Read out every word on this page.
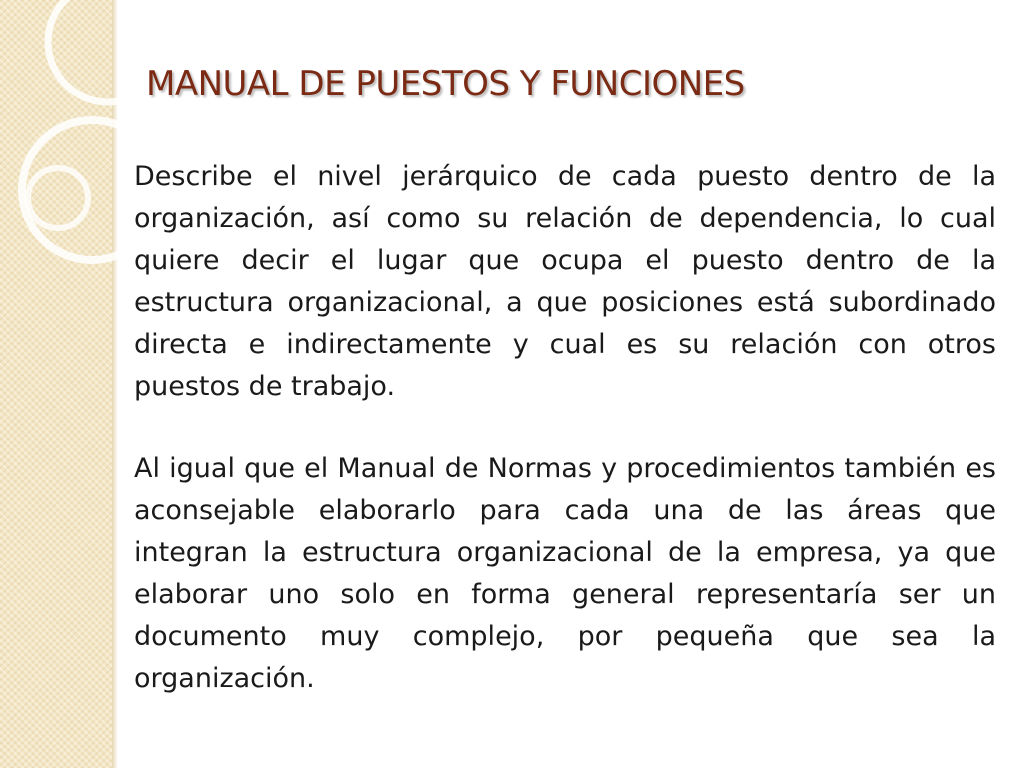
MANUAL DE PUESTOS Y FUNCIONES

Describe el nivel jerárquico de cada puesto dentro de la organización, así como su relación de dependencia, lo cual quiere decir el lugar que ocupa el puesto dentro de la estructura organizacional, a que posiciones está subordinado directa e indirectamente y cual es su relación con otros puestos de trabajo.

Al igual que el Manual de Normas y procedimientos también es aconsejable elaborarlo para cada una de las áreas que integran la estructura organizacional de la empresa, ya que elaborar uno solo en forma general representaría ser un documento muy complejo, por pequeña que sea la organización.
